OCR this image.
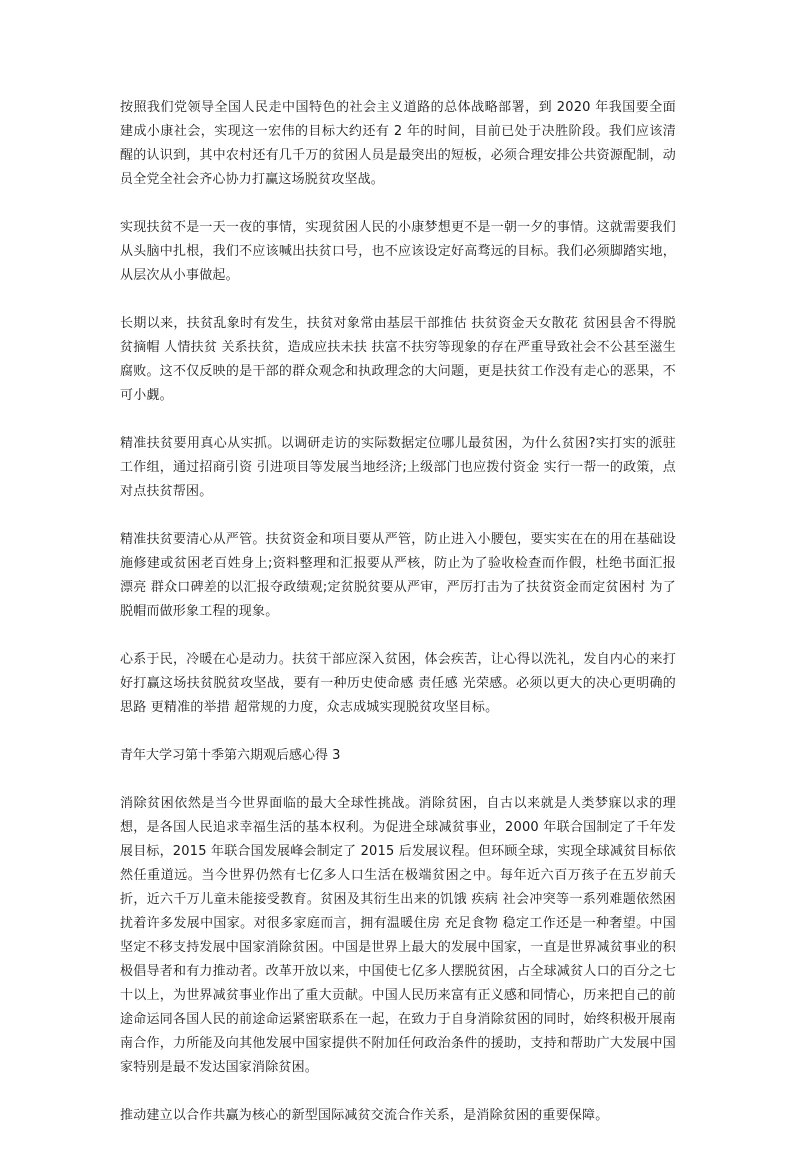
按照我们党领导全国人民走中国特色的社会主义道路的总体战略部署，到 2020 年我国要全面建成小康社会，实现这一宏伟的目标大约还有 2 年的时间，目前已处于决胜阶段。我们应该清醒的认识到，其中农村还有几千万的贫困人员是最突出的短板，必须合理安排公共资源配制，动员全党全社会齐心协力打赢这场脱贫攻坚战。

实现扶贫不是一天一夜的事情，实现贫困人民的小康梦想更不是一朝一夕的事情。这就需要我们从头脑中扎根，我们不应该喊出扶贫口号，也不应该设定好高骛远的目标。我们必须脚踏实地，从层次从小事做起。

长期以来，扶贫乱象时有发生，扶贫对象常由基层干部推估 扶贫资金天女散花 贫困县舍不得脱贫摘帽 人情扶贫 关系扶贫，造成应扶未扶 扶富不扶穷等现象的存在严重导致社会不公甚至滋生腐败。这不仅反映的是干部的群众观念和执政理念的大问题，更是扶贫工作没有走心的恶果，不可小觑。

精准扶贫要用真心从实抓。以调研走访的实际数据定位哪儿最贫困，为什么贫困?实打实的派驻工作组，通过招商引资 引进项目等发展当地经济;上级部门也应拨付资金 实行一帮一的政策，点对点扶贫帮困。

精准扶贫要清心从严管。扶贫资金和项目要从严管，防止进入小腰包，要实实在在的用在基础设施修建或贫困老百姓身上;资料整理和汇报要从严核，防止为了验收检查而作假，杜绝书面汇报漂亮 群众口碑差的以汇报夺政绩观;定贫脱贫要从严审，严厉打击为了扶贫资金而定贫困村 为了脱帽而做形象工程的现象。

心系于民，冷暖在心是动力。扶贫干部应深入贫困，体会疾苦，让心得以洗礼，发自内心的来打好打赢这场扶贫脱贫攻坚战，要有一种历史使命感 责任感 光荣感。必须以更大的决心更明确的思路 更精准的举措 超常规的力度，众志成城实现脱贫攻坚目标。

青年大学习第十季第六期观后感心得 3

消除贫困依然是当今世界面临的最大全球性挑战。消除贫困，自古以来就是人类梦寐以求的理想，是各国人民追求幸福生活的基本权利。为促进全球减贫事业，2000 年联合国制定了千年发展目标，2015 年联合国发展峰会制定了 2015 后发展议程。但环顾全球，实现全球减贫目标依然任重道远。当今世界仍然有七亿多人口生活在极端贫困之中。每年近六百万孩子在五岁前夭折，近六千万儿童未能接受教育。贫困及其衍生出来的饥饿 疾病 社会冲突等一系列难题依然困扰着许多发展中国家。对很多家庭而言，拥有温暖住房 充足食物 稳定工作还是一种奢望。中国坚定不移支持发展中国家消除贫困。中国是世界上最大的发展中国家，一直是世界减贫事业的积极倡导者和有力推动者。改革开放以来，中国使七亿多人摆脱贫困，占全球减贫人口的百分之七十以上，为世界减贫事业作出了重大贡献。中国人民历来富有正义感和同情心，历来把自己的前途命运同各国人民的前途命运紧密联系在一起，在致力于自身消除贫困的同时，始终积极开展南南合作，力所能及向其他发展中国家提供不附加任何政治条件的援助，支持和帮助广大发展中国家特别是最不发达国家消除贫困。

推动建立以合作共赢为核心的新型国际减贫交流合作关系，是消除贫困的重要保障。
